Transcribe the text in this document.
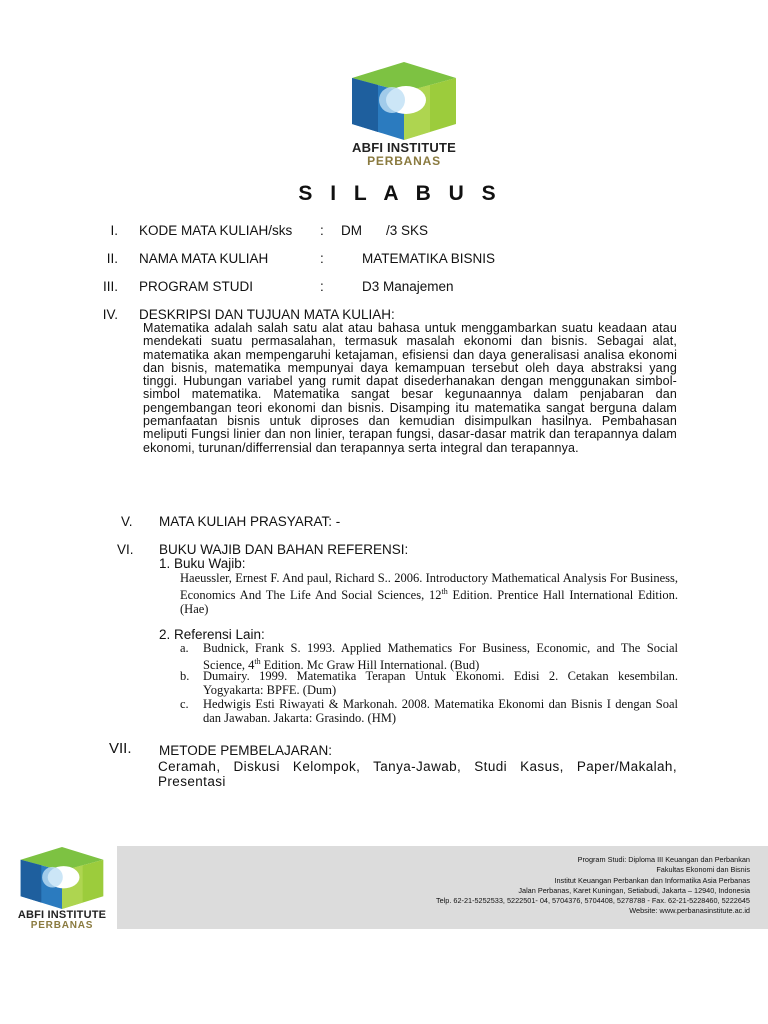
ABFI INSTITUTE
PERBANAS
S I L A B U S
I. KODE MATA KULIAH/sks : DM /3 SKS
II. NAMA MATA KULIAH	:	MATEMATIKA BISNIS
III. PROGRAM STUDI	:	D3 Manajemen
IV. DESKRIPSI DAN TUJUAN MATA KULIAH:
Matematika adalah salah satu alat atau bahasa untuk menggambarkan suatu keadaan atau mendekati suatu permasalahan, termasuk masalah ekonomi dan bisnis. Sebagai alat, matematika akan mempengaruhi ketajaman, efisiensi dan daya generalisasi analisa ekonomi dan bisnis, matematika mempunyai daya kemampuan tersebut oleh daya abstraksi yang tinggi. Hubungan variabel yang rumit dapat disederhanakan dengan menggunakan simbol-simbol matematika. Matematika sangat besar kegunaannya dalam penjabaran dan pengembangan teori ekonomi dan bisnis. Disamping itu matematika sangat berguna dalam pemanfaatan bisnis untuk diproses dan kemudian disimpulkan hasilnya. Pembahasan meliputi Fungsi linier dan non linier, terapan fungsi, dasar-dasar matrik dan terapannya dalam ekonomi, turunan/differrensial dan terapannya serta integral dan terapannya.
V. MATA KULIAH PRASYARAT: -
VI. BUKU WAJIB DAN BAHAN REFERENSI:
1. Buku Wajib:
Haeussler, Ernest F. And paul, Richard S.. 2006. Introductory Mathematical Analysis For Business, Economics And The Life And Social Sciences, 12th Edition. Prentice Hall International Edition. (Hae)
2. Referensi Lain:
a.	Budnick, Frank S. 1993. Applied Mathematics For Business, Economic, and The Social Science, 4th Edition. Mc Graw Hill International. (Bud)
b.	Dumairy. 1999. Matematika Terapan Untuk Ekonomi. Edisi 2. Cetakan kesembilan. Yogyakarta: BPFE. (Dum)
c.	Hedwigis Esti Riwayati & Markonah. 2008. Matematika Ekonomi dan Bisnis I dengan Soal dan Jawaban. Jakarta: Grasindo. (HM)
VII. METODE PEMBELAJARAN:
Ceramah, Diskusi Kelompok, Tanya-Jawab, Studi Kasus, Paper/Makalah, Presentasi
ABFI INSTITUTE
PERBANAS
Program Studi: Diploma III Keuangan dan Perbankan
Fakultas Ekonomi dan Bisnis
Institut Keuangan Perbankan dan Informatika Asia Perbanas
Jalan Perbanas, Karet Kuningan, Setiabudi, Jakarta – 12940, Indonesia
Telp. 62-21-5252533, 5222501- 04, 5704376, 5704408, 5278788 - Fax. 62-21-5228460, 5222645
Website: www.perbanasinstitute.ac.id
